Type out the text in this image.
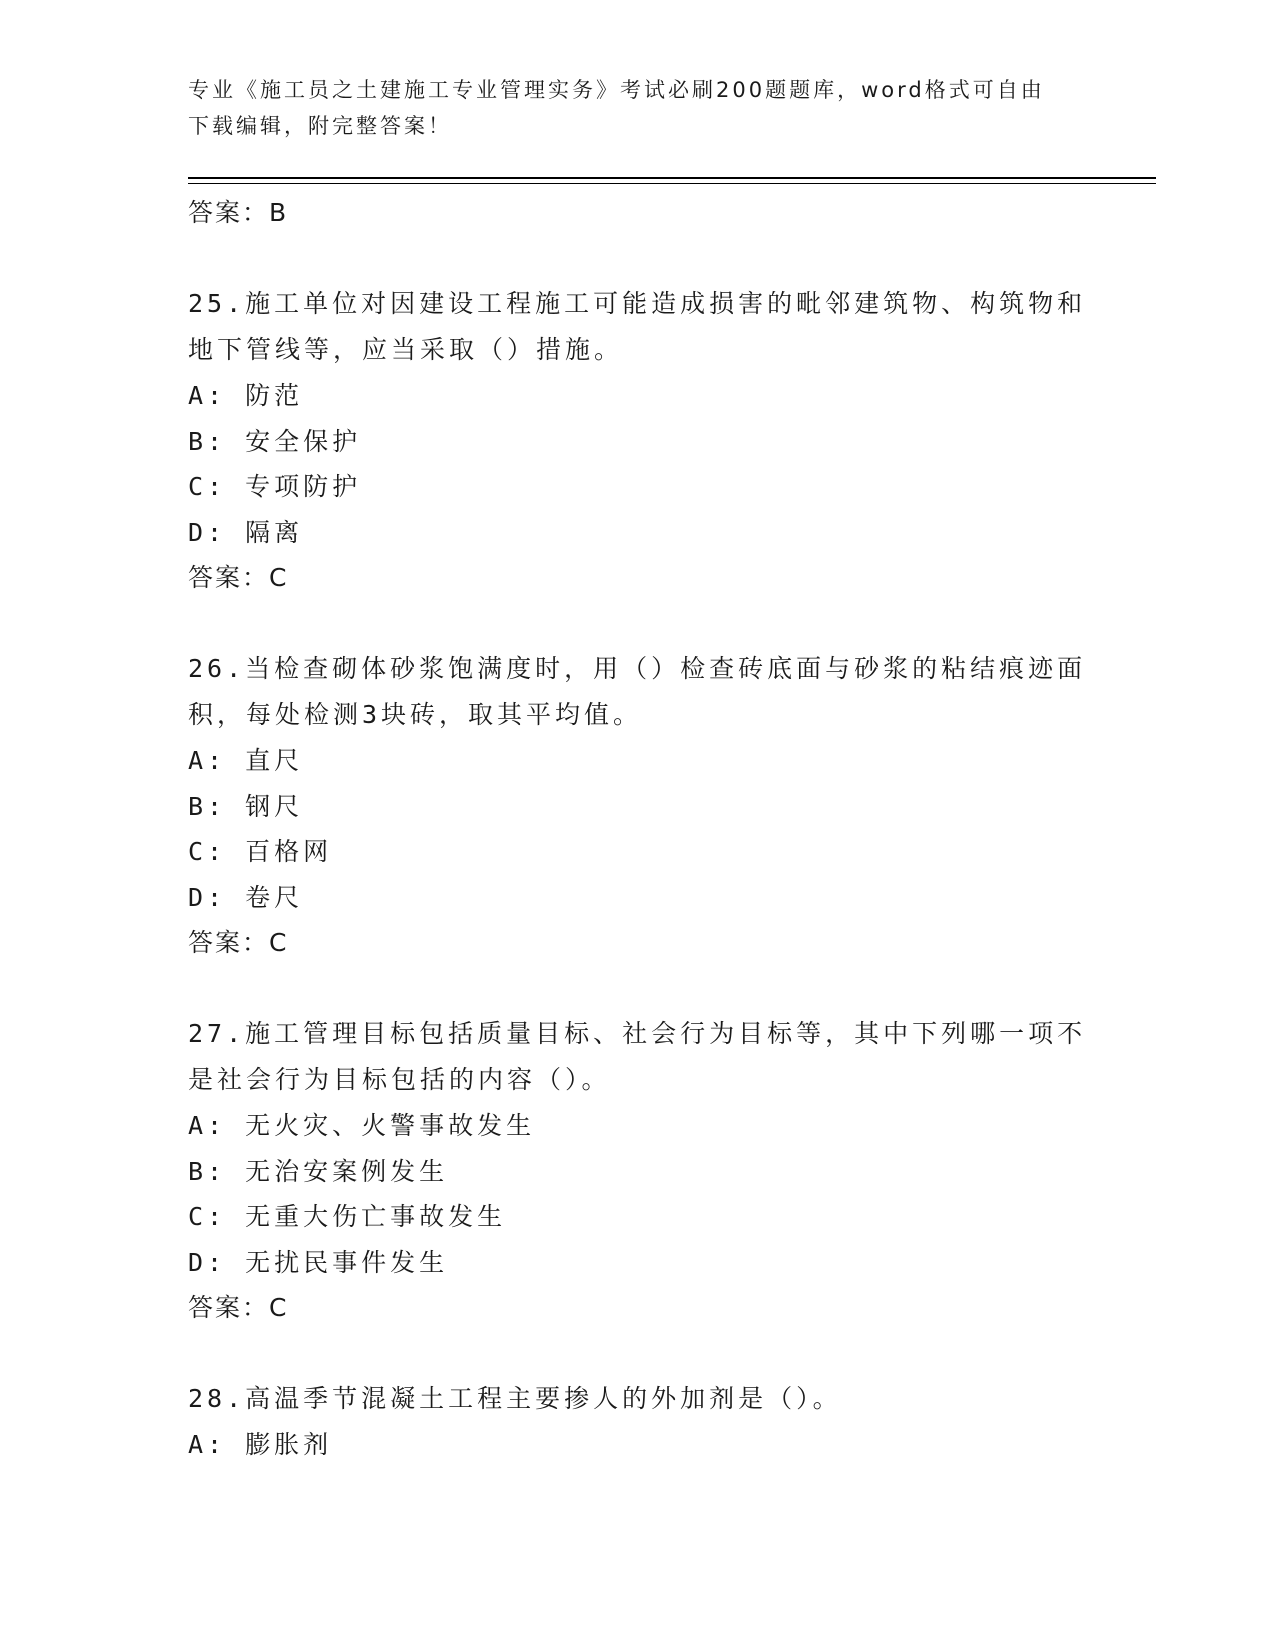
专业《施工员之土建施工专业管理实务》考试必刷200题题库，word格式可自由
下载编辑，附完整答案！
答案：B
25.施工单位对因建设工程施工可能造成损害的毗邻建筑物、构筑物和
地下管线等，应当采取（）措施。
A: 防范
B: 安全保护
C: 专项防护
D: 隔离
答案：C
26.当检查砌体砂浆饱满度时，用（）检查砖底面与砂浆的粘结痕迹面
积，每处检测3块砖，取其平均值。
A: 直尺
B: 钢尺
C: 百格网
D: 卷尺
答案：C
27.施工管理目标包括质量目标、社会行为目标等，其中下列哪一项不
是社会行为目标包括的内容（）。
A: 无火灾、火警事故发生
B: 无治安案例发生
C: 无重大伤亡事故发生
D: 无扰民事件发生
答案：C
28.高温季节混凝土工程主要掺人的外加剂是（）。
A: 膨胀剂
